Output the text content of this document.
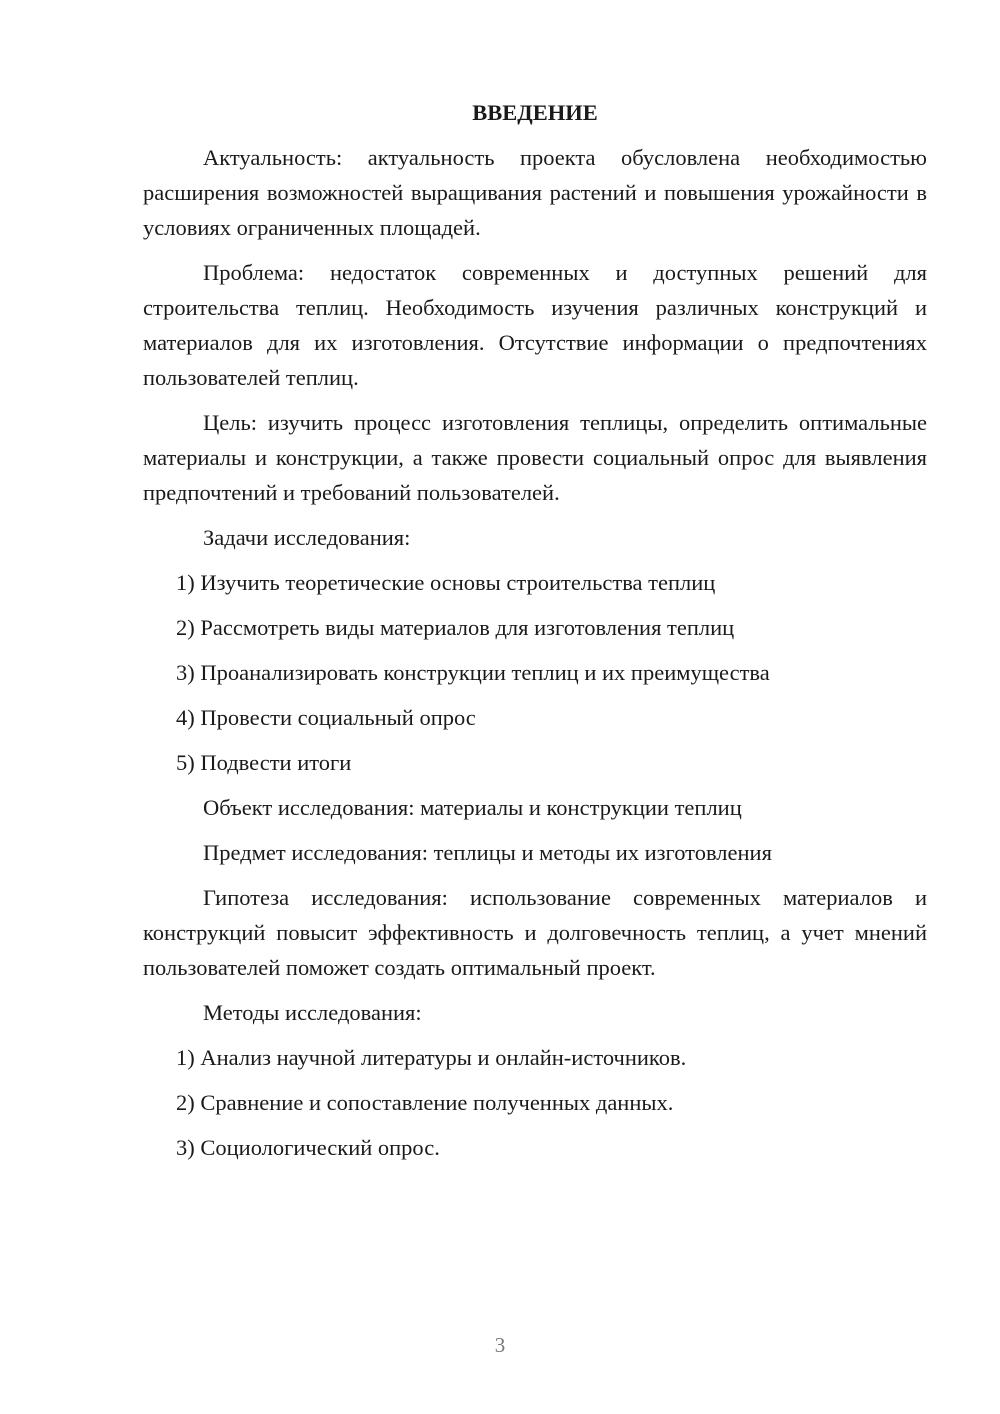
ВВЕДЕНИЕ
Актуальность: актуальность проекта обусловлена необходимостью расширения возможностей выращивания растений и повышения урожайности в условиях ограниченных площадей.
Проблема: недостаток современных и доступных решений для строительства теплиц. Необходимость изучения различных конструкций и материалов для их изготовления. Отсутствие информации о предпочтениях пользователей теплиц.
Цель: изучить процесс изготовления теплицы, определить оптимальные материалы и конструкции, а также провести социальный опрос для выявления предпочтений и требований пользователей.
Задачи исследования:
1) Изучить теоретические основы строительства теплиц
2) Рассмотреть виды материалов для изготовления теплиц
3) Проанализировать конструкции теплиц и их преимущества
4) Провести социальный опрос
5) Подвести итоги
Объект исследования: материалы и конструкции теплиц
Предмет исследования: теплицы и методы их изготовления
Гипотеза исследования: использование современных материалов и конструкций повысит эффективность и долговечность теплиц, а учет мнений пользователей поможет создать оптимальный проект.
Методы исследования:
1) Анализ научной литературы и онлайн-источников.
2) Сравнение и сопоставление полученных данных.
3) Социологический опрос.
3
